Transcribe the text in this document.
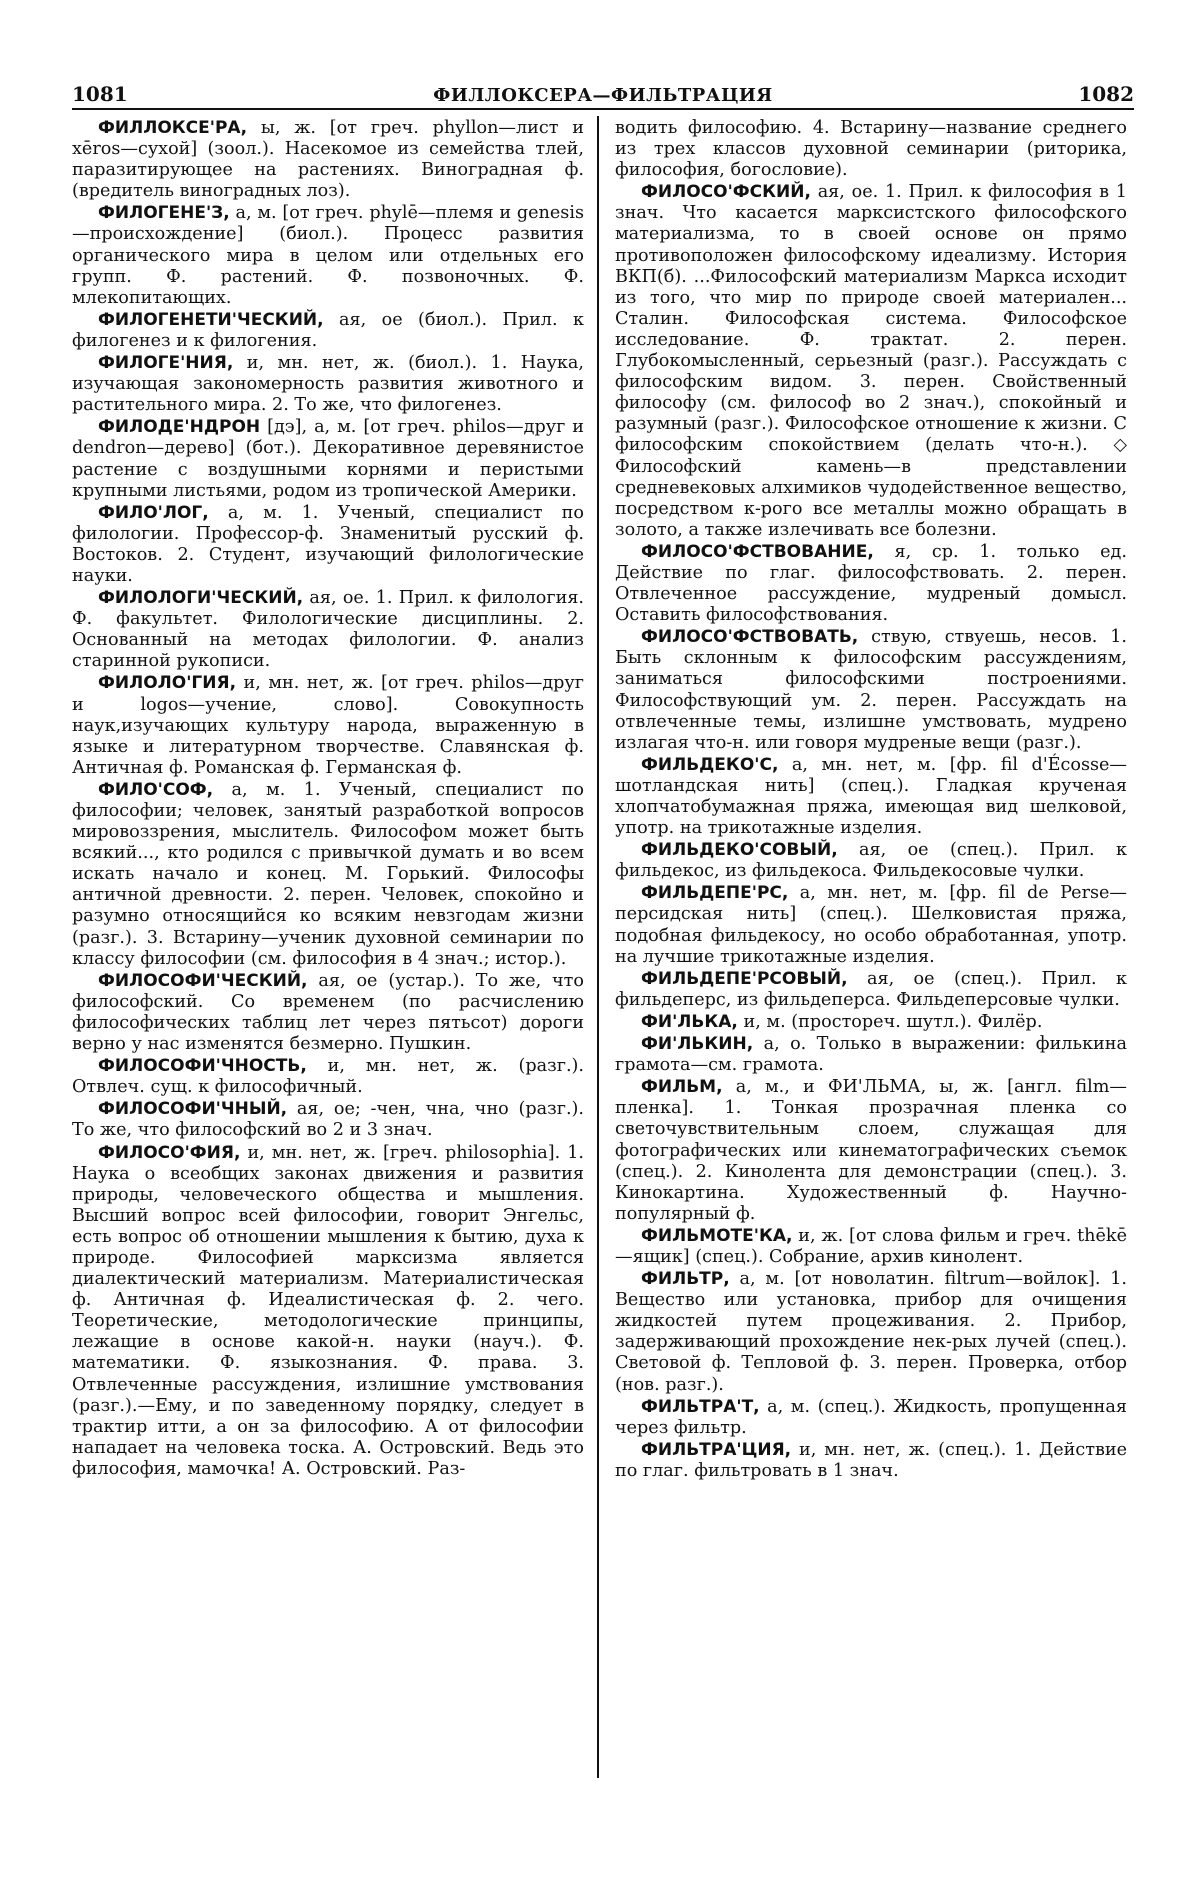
1081	ФИЛЛОКСЕРА—ФИЛЬТРАЦИЯ	1082

ФИЛЛОКСЕ'РА, ы, ж. [от греч. phyllon—лист и xēros—сухой] (зоол.). Насекомое из семейства тлей, паразитирующее на растениях. Виноградная ф. (вредитель виноградных лоз).

ФИЛОГЕНЕ'З, а, м. [от греч. phylē—племя и genesis—происхождение] (биол.). Процесс развития органического мира в целом или отдельных его групп. Ф. растений. Ф. позвоночных. Ф. млекопитающих.

ФИЛОГЕНЕТИ'ЧЕСКИЙ, ая, ое (биол.). Прил. к филогенез и к филогения.

ФИЛОГЕ'НИЯ, и, мн. нет, ж. (биол.). 1. Наука, изучающая закономерность развития животного и растительного мира. 2. То же, что филогенез.

ФИЛОДЕ'НДРОН [дэ], а, м. [от греч. philos—друг и dendron—дерево] (бот.). Декоративное деревянистое растение с воздушными корнями и перистыми крупными листьями, родом из тропической Америки.

ФИЛО'ЛОГ, а, м. 1. Ученый, специалист по филологии. Профессор-ф. Знаменитый русский ф. Востоков. 2. Студент, изучающий филологические науки.

ФИЛОЛОГИ'ЧЕСКИЙ, ая, ое. 1. Прил. к филология. Ф. факультет. Филологические дисциплины. 2. Основанный на методах филологии. Ф. анализ старинной рукописи.

ФИЛОЛО'ГИЯ, и, мн. нет, ж. [от греч. philos—друг и logos—учение, слово]. Совокупность наук,изучающих культуру народа, выраженную в языке и литературном творчестве. Славянская ф. Античная ф. Романская ф. Германская ф.

ФИЛО'СОФ, а, м. 1. Ученый, специалист по философии; человек, занятый разработкой вопросов мировоззрения, мыслитель. Философом может быть всякий..., кто родился с привычкой думать и во всем искать начало и конец. М. Горький. Философы античной древности. 2. перен. Человек, спокойно и разумно относящийся ко всяким невзгодам жизни (разг.). 3. Встарину—ученик духовной семинарии по классу философии (см. философия в 4 знач.; истор.).

ФИЛОСОФИ'ЧЕСКИЙ, ая, ое (устар.). То же, что философский. Со временем (по расчислению философических таблиц лет через пятьсот) дороги верно у нас изменятся безмерно. Пушкин.

ФИЛОСОФИ'ЧНОСТЬ, и, мн. нет, ж. (разг.). Отвлеч. сущ. к философичный.

ФИЛОСОФИ'ЧНЫЙ, ая, ое; -чен, чна, чно (разг.). То же, что философский во 2 и 3 знач.

ФИЛОСО'ФИЯ, и, мн. нет, ж. [греч. philosophia]. 1. Наука о всеобщих законах движения и развития природы, человеческого общества и мышления. Высший вопрос всей философии, говорит Энгельс, есть вопрос об отношении мышления к бытию, духа к природе. Философией марксизма является диалектический материализм. Материалистическая ф. Античная ф. Идеалистическая ф. 2. чего. Теоретические, методологические принципы, лежащие в основе какой-н. науки (науч.). Ф. математики. Ф. языкознания. Ф. права. 3. Отвлеченные рассуждения, излишние умствования (разг.).—Ему, и по заведенному порядку, следует в трактир итти, а он за философию. А от философии нападает на человека тоска. А. Островский. Ведь это философия, мамочка! А. Островский. Раз-

водить философию. 4. Встарину—название среднего из трех классов духовной семинарии (риторика, философия, богословие).

ФИЛОСО'ФСКИЙ, ая, ое. 1. Прил. к философия в 1 знач. Что касается марксистского философского материализма, то в своей основе он прямо противоположен философскому идеализму. История ВКП(б). ...Философский материализм Маркса исходит из того, что мир по природе своей материален... Сталин. Философская система. Философское исследование. Ф. трактат. 2. перен. Глубокомысленный, серьезный (разг.). Рассуждать с философским видом. 3. перен. Свойственный философу (см. философ во 2 знач.), спокойный и разумный (разг.). Философское отношение к жизни. С философским спокойствием (делать что-н.). ◇ Философский камень—в представлении средневековых алхимиков чудодейственное вещество, посредством к-рого все металлы можно обращать в золото, а также излечивать все болезни.

ФИЛОСО'ФСТВОВАНИЕ, я, ср. 1. только ед. Действие по глаг. философствовать. 2. перен. Отвлеченное рассуждение, мудреный домысл. Оставить философствования.

ФИЛОСО'ФСТВОВАТЬ, ствую, ствуешь, несов. 1. Быть склонным к философским рассуждениям, заниматься философскими построениями. Философствующий ум. 2. перен. Рассуждать на отвлеченные темы, излишне умствовать, мудрено излагая что-н. или говоря мудреные вещи (разг.).

ФИЛЬДЕКО'С, а, мн. нет, м. [фр. fil d'Écosse—шотландская нить] (спец.). Гладкая крученая хлопчатобумажная пряжа, имеющая вид шелковой, употр. на трикотажные изделия.

ФИЛЬДЕКО'СОВЫЙ, ая, ое (спец.). Прил. к фильдекос, из фильдекоса. Фильдекосовые чулки.

ФИЛЬДЕПЕ'РС, а, мн. нет, м. [фр. fil de Perse—персидская нить] (спец.). Шелковистая пряжа, подобная фильдекосу, но особо обработанная, употр. на лучшие трикотажные изделия.

ФИЛЬДЕПЕ'РСОВЫЙ, ая, ое (спец.). Прил. к фильдеперс, из фильдеперса. Фильдеперсовые чулки.

ФИ'ЛЬКА, и, м. (простореч. шутл.). Филёр.

ФИ'ЛЬКИН, а, о. Только в выражении: филькина грамота—см. грамота.

ФИЛЬМ, а, м., и ФИ'ЛЬМА, ы, ж. [англ. film—пленка]. 1. Тонкая прозрачная пленка со светочувствительным слоем, служащая для фотографических или кинематографических съемок (спец.). 2. Кинолента для демонстрации (спец.). 3. Кинокартина. Художественный ф. Научно-популярный ф.

ФИЛЬМОТЕ'КА, и, ж. [от слова фильм и греч. thēkē—ящик] (спец.). Собрание, архив кинолент.

ФИЛЬТР, а, м. [от новолатин. filtrum—войлок]. 1. Вещество или установка, прибор для очищения жидкостей путем процеживания. 2. Прибор, задерживающий прохождение нек-рых лучей (спец.). Световой ф. Тепловой ф. 3. перен. Проверка, отбор (нов. разг.).

ФИЛЬТРА'Т, а, м. (спец.). Жидкость, пропущенная через фильтр.

ФИЛЬТРА'ЦИЯ, и, мн. нет, ж. (спец.). 1. Действие по глаг. фильтровать в 1 знач.
